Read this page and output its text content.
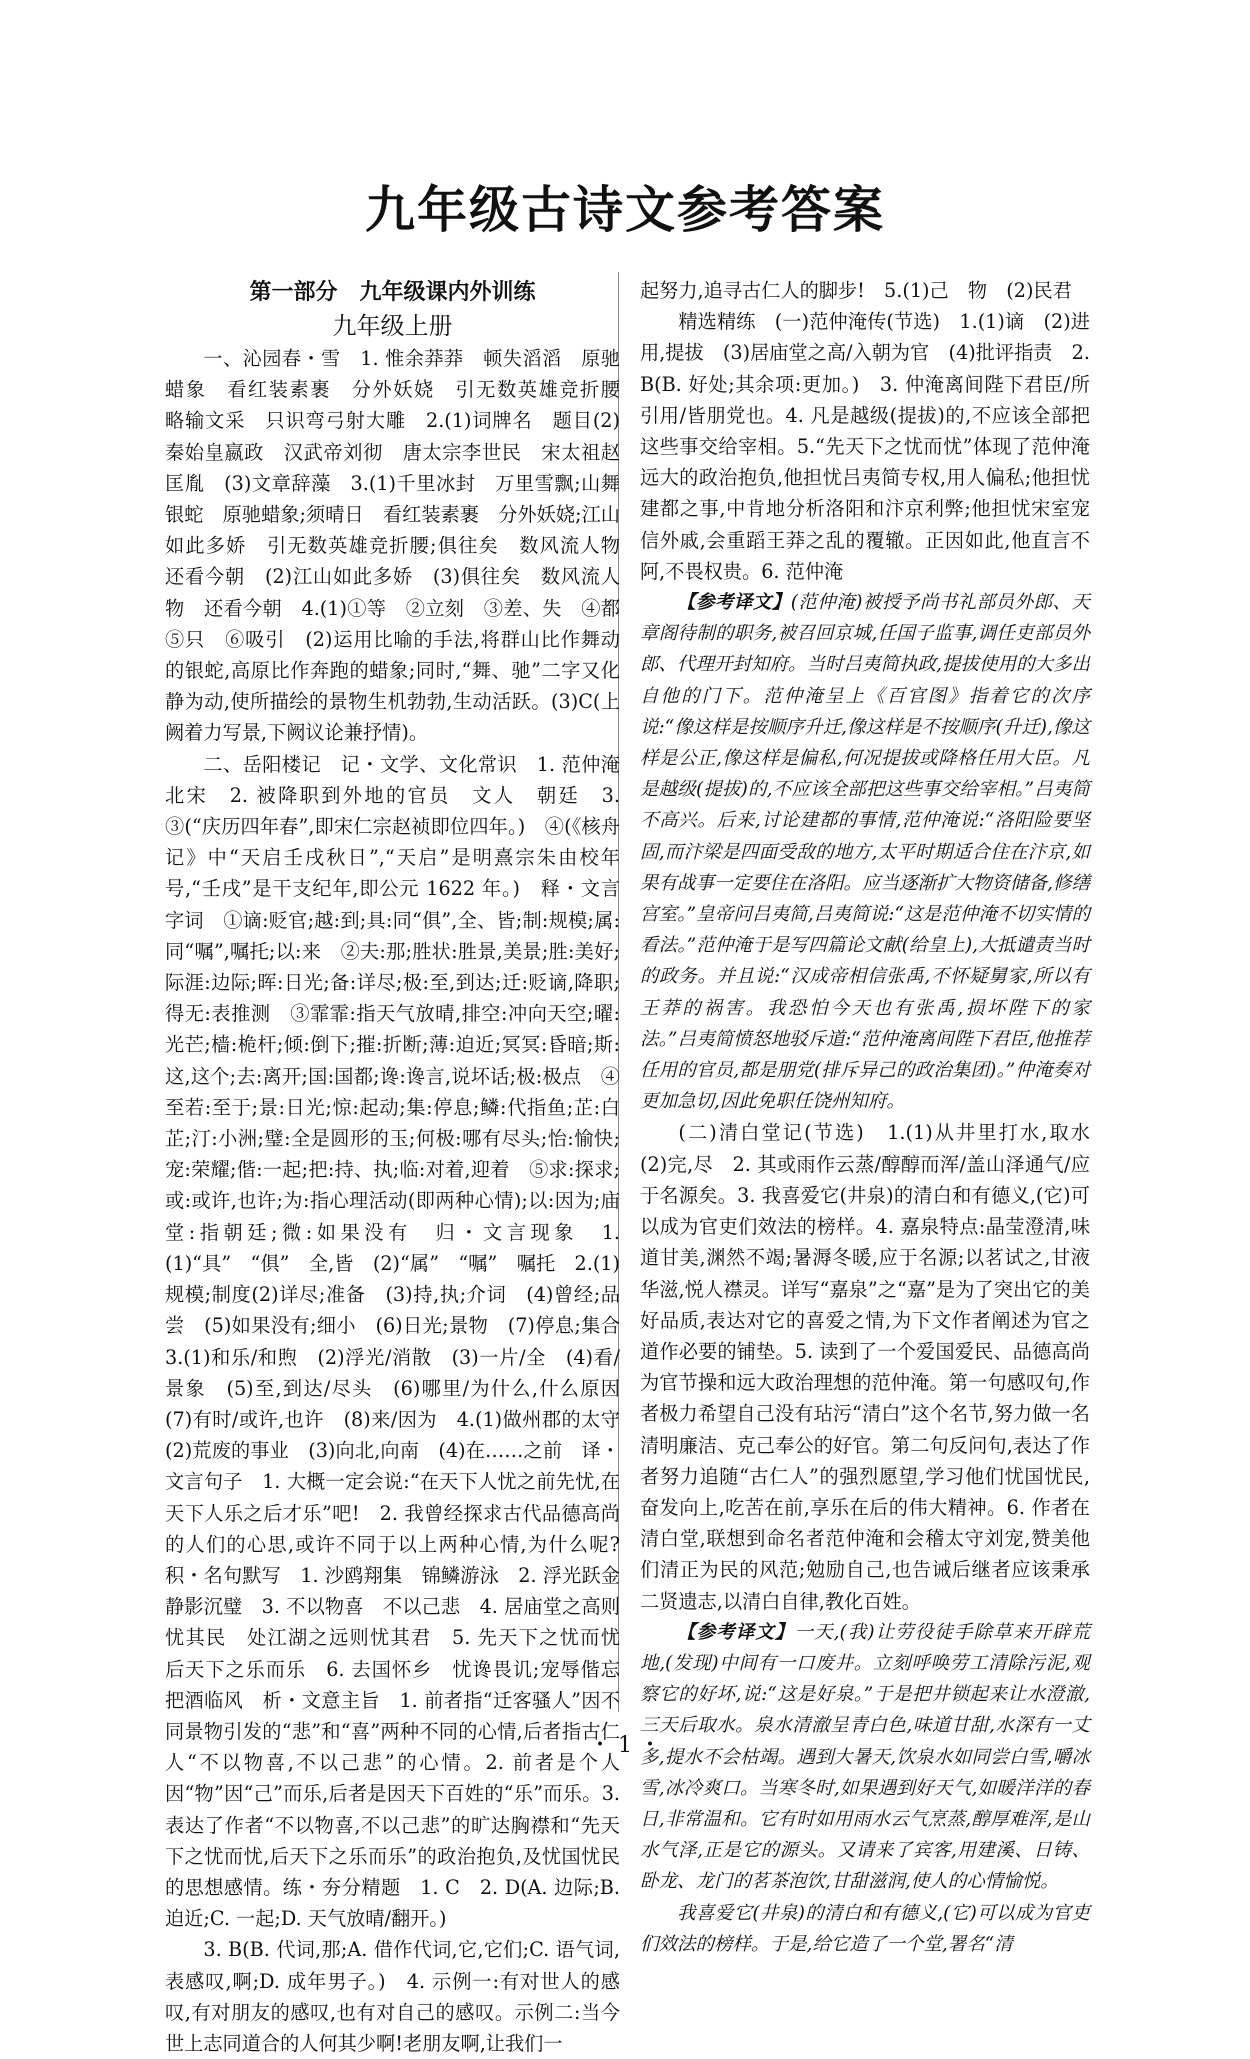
九年级古诗文参考答案
第一部分　九年级课内外训练
九年级上册

一、沁园春・雪　1. 惟余莽莽　顿失滔滔　原驰蜡象　看红装素裹　分外妖娆　引无数英雄竞折腰　略输文采　只识弯弓射大雕　2.(1)词牌名　题目(2)秦始皇嬴政　汉武帝刘彻　唐太宗李世民　宋太祖赵匡胤　(3)文章辞藻　3.(1)千里冰封　万里雪飘;山舞银蛇　原驰蜡象;须晴日　看红装素裹　分外妖娆;江山如此多娇　引无数英雄竞折腰;俱往矣　数风流人物　还看今朝　(2)江山如此多娇　(3)俱往矣　数风流人物　还看今朝　4.(1)①等　②立刻　③差、失　④都　⑤只　⑥吸引　(2)运用比喻的手法,将群山比作舞动的银蛇,高原比作奔跑的蜡象;同时,“舞、驰”二字又化静为动,使所描绘的景物生机勃勃,生动活跃。(3)C(上阙着力写景,下阙议论兼抒情)。

二、岳阳楼记　记・文学、文化常识　1. 范仲淹　北宋　2. 被降职到外地的官员　文人　朝廷　3. ③(“庆历四年春”,即宋仁宗赵祯即位四年。)　④(《核舟记》中“天启壬戌秋日”,“天启”是明熹宗朱由校年号,“壬戌”是干支纪年,即公元 1622 年。)　释・文言字词　①谪:贬官;越:到;具:同“俱”,全、皆;制:规模;属:同“嘱”,嘱托;以:来　②夫:那;胜状:胜景,美景;胜:美好;际涯:边际;晖:日光;备:详尽;极:至,到达;迁:贬谪,降职;得无:表推测　③霏霏:指天气放晴,排空:冲向天空;曜:光芒;樯:桅杆;倾:倒下;摧:折断;薄:迫近;冥冥:昏暗;斯:这,这个;去:离开;国:国都;谗:谗言,说坏话;极:极点　④至若:至于;景:日光;惊:起动;集:停息;鳞:代指鱼;芷:白芷;汀:小洲;璧:全是圆形的玉;何极:哪有尽头;怡:愉快;宠:荣耀;偕:一起;把:持、执;临:对着,迎着　⑤求:探求;或:或许,也许;为:指心理活动(即两种心情);以:因为;庙堂:指朝廷;微:如果没有　归・文言现象　1.(1)“具”　“俱”　全,皆　(2)“属”　“嘱”　嘱托　2.(1)规模;制度(2)详尽;准备　(3)持,执;介词　(4)曾经;品尝　(5)如果没有;细小　(6)日光;景物　(7)停息;集合　3.(1)和乐/和煦　(2)浮光/消散　(3)一片/全　(4)看/景象　(5)至,到达/尽头　(6)哪里/为什么,什么原因　(7)有时/或许,也许　(8)来/因为　4.(1)做州郡的太守　(2)荒废的事业　(3)向北,向南　(4)在……之前　译・文言句子　1. 大概一定会说:“在天下人忧之前先忧,在天下人乐之后才乐”吧!　2. 我曾经探求古代品德高尚的人们的心思,或许不同于以上两种心情,为什么呢?　积・名句默写　1. 沙鸥翔集　锦鳞游泳　2. 浮光跃金　静影沉璧　3. 不以物喜　不以己悲　4. 居庙堂之高则忧其民　处江湖之远则忧其君　5. 先天下之忧而忧　后天下之乐而乐　6. 去国怀乡　忧谗畏讥;宠辱偕忘　把酒临风　析・文意主旨　1. 前者指“迁客骚人”因不同景物引发的“悲”和“喜”两种不同的心情,后者指古仁人“不以物喜,不以己悲”的心情。2. 前者是个人因“物”因“己”而乐,后者是因天下百姓的“乐”而乐。3. 表达了作者“不以物喜,不以己悲”的旷达胸襟和“先天下之忧而忧,后天下之乐而乐”的政治抱负,及忧国忧民的思想感情。练・夯分精题　1. C　2. D(A. 边际;B. 迫近;C. 一起;D. 天气放晴/翻开。)

3. B(B. 代词,那;A. 借作代词,它,它们;C. 语气词,表感叹,啊;D. 成年男子。)　4. 示例一:有对世人的感叹,有对朋友的感叹,也有对自己的感叹。示例二:当今世上志同道合的人何其少啊!老朋友啊,让我们一

起努力,追寻古仁人的脚步!　5.(1)己　物　(2)民君

精选精练　(一)范仲淹传(节选)　1.(1)谪　(2)进用,提拔　(3)居庙堂之高/入朝为官　(4)批评指责　2. B(B. 好处;其余项:更加。)　3. 仲淹离间陛下君臣/所引用/皆朋党也。4. 凡是越级(提拔)的,不应该全部把这些事交给宰相。5.“先天下之忧而忧”体现了范仲淹远大的政治抱负,他担忧吕夷简专权,用人偏私;他担忧建都之事,中肯地分析洛阳和汴京利弊;他担忧宋室宠信外戚,会重蹈王莽之乱的覆辙。正因如此,他直言不阿,不畏权贵。6. 范仲淹

【参考译文】(范仲淹)被授予尚书礼部员外郎、天章阁待制的职务,被召回京城,任国子监事,调任吏部员外郎、代理开封知府。当时吕夷简执政,提拔使用的大多出自他的门下。范仲淹呈上《百官图》指着它的次序说:“像这样是按顺序升迁,像这样是不按顺序(升迁),像这样是公正,像这样是偏私,何况提拔或降格任用大臣。凡是越级(提拔)的,不应该全部把这些事交给宰相。”吕夷简不高兴。后来,讨论建都的事情,范仲淹说:“洛阳险要坚固,而汴梁是四面受敌的地方,太平时期适合住在汴京,如果有战事一定要住在洛阳。应当逐渐扩大物资储备,修缮宫室。”皇帝问吕夷简,吕夷简说:“这是范仲淹不切实情的看法。”范仲淹于是写四篇论文献(给皇上),大抵谴责当时的政务。并且说:“汉成帝相信张禹,不怀疑舅家,所以有王莽的祸害。我恐怕今天也有张禹,损坏陛下的家法。”吕夷简愤怒地驳斥道:“范仲淹离间陛下君臣,他推荐任用的官员,都是朋党(排斥异己的政治集团)。”仲淹奏对更加急切,因此免职任饶州知府。

(二)清白堂记(节选)　1.(1)从井里打水,取水　(2)完,尽　2. 其或雨作云蒸/醇醇而浑/盖山泽通气/应于名源矣。3. 我喜爱它(井泉)的清白和有德义,(它)可以成为官吏们效法的榜样。4. 嘉泉特点:晶莹澄清,味道甘美,渊然不竭;暑溽冬暖,应于名源;以茗试之,甘液华滋,悦人襟灵。详写“嘉泉”之“嘉”是为了突出它的美好品质,表达对它的喜爱之情,为下文作者阐述为官之道作必要的铺垫。5. 读到了一个爱国爱民、品德高尚为官节操和远大政治理想的范仲淹。第一句感叹句,作者极力希望自己没有玷污“清白”这个名节,努力做一名清明廉洁、克己奉公的好官。第二句反问句,表达了作者努力追随“古仁人”的强烈愿望,学习他们忧国忧民,奋发向上,吃苦在前,享乐在后的伟大精神。6. 作者在清白堂,联想到命名者范仲淹和会稽太守刘宠,赞美他们清正为民的风范;勉励自己,也告诫后继者应该秉承二贤遗志,以清白自律,教化百姓。

【参考译文】一天,(我)让劳役徒手除草来开辟荒地,(发现)中间有一口废井。立刻呼唤劳工清除污泥,观察它的好坏,说:“这是好泉。”于是把井锁起来让水澄澈,三天后取水。泉水清澈呈青白色,味道甘甜,水深有一丈多,提水不会枯竭。遇到大暑天,饮泉水如同尝白雪,嚼冰雪,冰冷爽口。当寒冬时,如果遇到好天气,如暖洋洋的春日,非常温和。它有时如用雨水云气烹蒸,醇厚难浑,是山水气泽,正是它的源头。又请来了宾客,用建溪、日铸、卧龙、龙门的茗茶泡饮,甘甜滋润,使人的心情愉悦。

我喜爱它(井泉)的清白和有德义,(它)可以成为官吏们效法的榜样。于是,给它造了一个堂,署名“清

・ 1 ・
